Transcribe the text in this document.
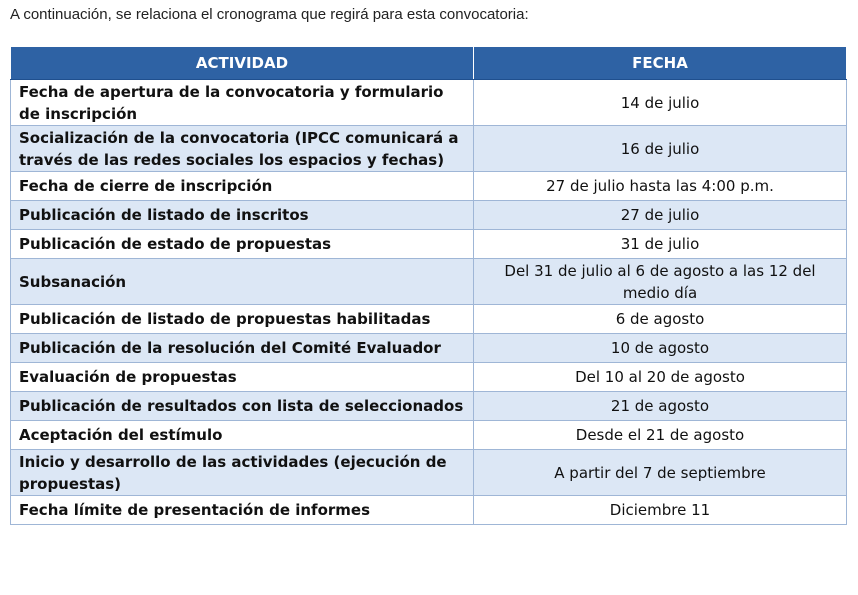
A continuación, se relaciona el cronograma que regirá para esta convocatoria:
ACTIVIDAD	FECHA
Fecha de apertura de la convocatoria y formulario de inscripción	14 de julio
Socialización de la convocatoria (IPCC comunicará a través de las redes sociales los espacios y fechas)	16 de julio
Fecha de cierre de inscripción	27 de julio hasta las 4:00 p.m.
Publicación de listado de inscritos	27 de julio
Publicación de estado de propuestas	31 de julio
Subsanación	Del 31 de julio al 6 de agosto a las 12 del medio día
Publicación de listado de propuestas habilitadas	6 de agosto
Publicación de la resolución del Comité Evaluador	10 de agosto
Evaluación de propuestas	Del 10 al 20 de agosto
Publicación de resultados con lista de seleccionados	21 de agosto
Aceptación del estímulo	Desde el 21 de agosto
Inicio y desarrollo de las actividades (ejecución de propuestas)	A partir del 7 de septiembre
Fecha límite de presentación de informes	Diciembre 11
